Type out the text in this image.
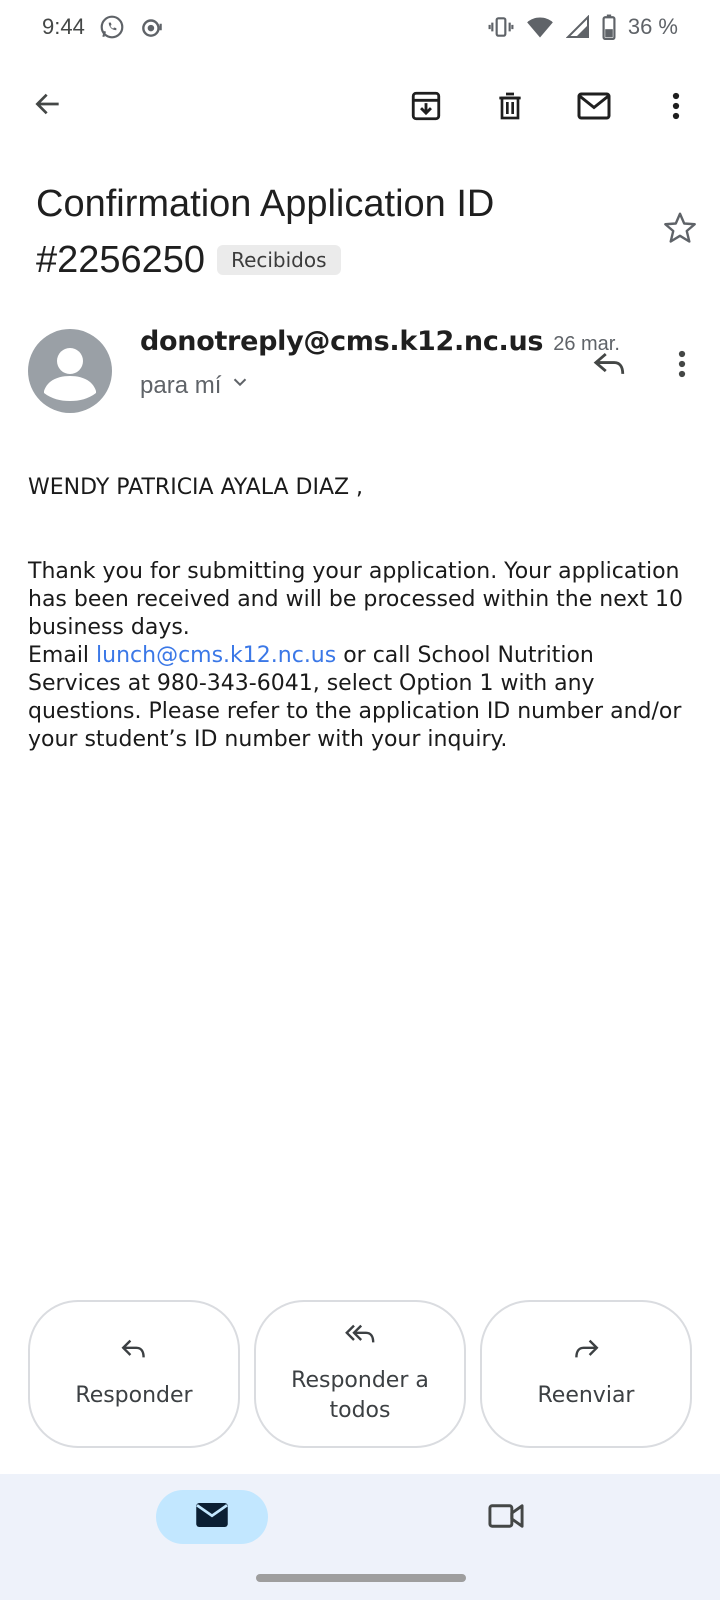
9:44	36 %
Confirmation Application ID
#2256250	Recibidos
donotreply@cms.k12.nc.us 26 mar.
para mí

WENDY PATRICIA AYALA DIAZ ,

Thank you for submitting your application. Your application has been received and will be processed within the next 10 business days.

Email lunch@cms.k12.nc.us or call School Nutrition Services at 980-343-6041, select Option 1 with any questions. Please refer to the application ID number and/or your student’s ID number with your inquiry.

Responder
Responder a todos
Reenviar
